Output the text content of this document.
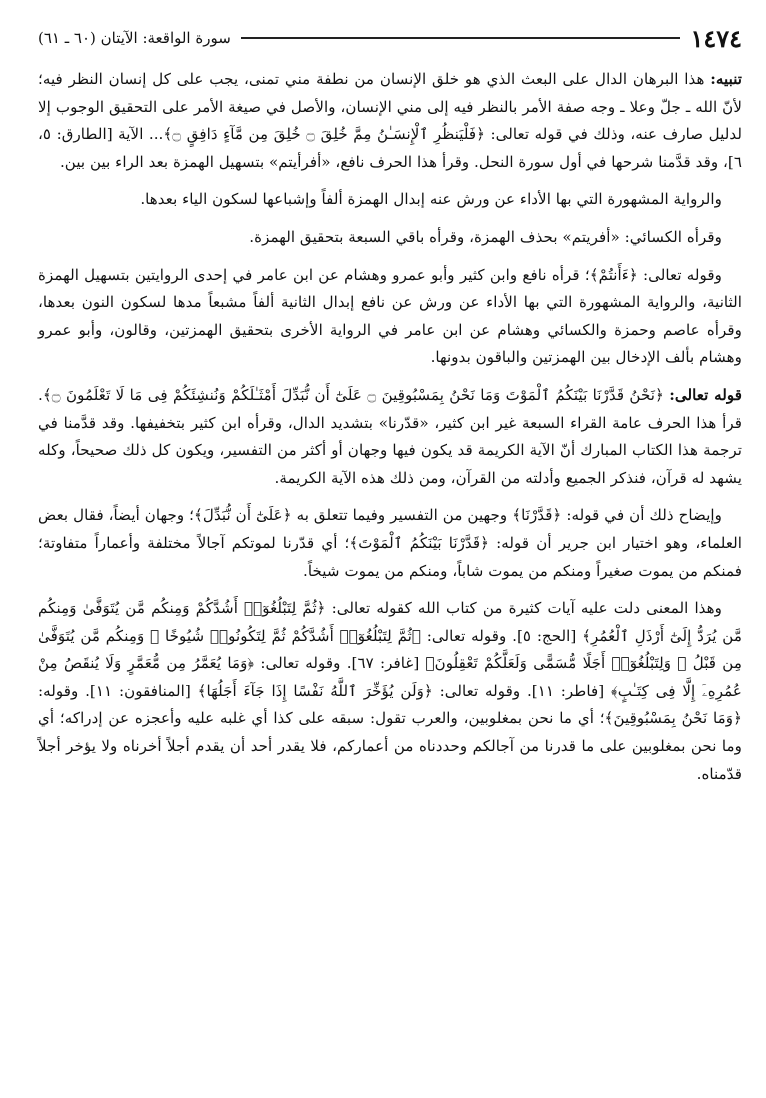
سورة الواقعة: الآيتان (٦٠ ـ ٦١)	١٤٧٤

تنبيه: هذا البرهان الدال على البعث الذي هو خلق الإنسان من نطفة مني تمنى، يجب على كل إنسان النظر فيه؛ لأنّ الله ـ جلّ وعلا ـ وجه صفة الأمر بالنظر فيه إلى مني الإنسان، والأصل في صيغة الأمر على التحقيق الوجوب إلا لدليل صارف عنه، وذلك في قوله تعالى: ﴿فَلْيَنظُرِ ٱلْإِنسَـٰنُ مِمَّ خُلِقَ ۝ خُلِقَ مِن مَّآءٍ دَافِقٍ ۝﴾... الآية [الطارق: ٥، ٦]، وقد قدَّمنا شرحها في أول سورة النحل. وقرأ هذا الحرف نافع، «أفرأيتم» بتسهيل الهمزة بعد الراء بين بين.

والرواية المشهورة التي بها الأداء عن ورش عنه إبدال الهمزة ألفاً وإشباعها لسكون الياء بعدها.

وقرأه الكسائي: «أفريتم» بحذف الهمزة، وقرأه باقي السبعة بتحقيق الهمزة.

وقوله تعالى: ﴿ءَأَنتُمْ﴾؛ قرأه نافع وابن كثير وأبو عمرو وهشام عن ابن عامر في إحدى الروايتين بتسهيل الهمزة الثانية، والرواية المشهورة التي بها الأداء عن ورش عن نافع إبدال الثانية ألفاً مشبعاً مدها لسكون النون بعدها، وقرأه عاصم وحمزة والكسائي وهشام عن ابن عامر في الرواية الأخرى بتحقيق الهمزتين، وقالون، وأبو عمرو وهشام بألف الإدخال بين الهمزتين والباقون بدونها.

قوله تعالى: ﴿نَحْنُ قَدَّرْنَا بَيْنَكُمُ ٱلْمَوْتَ وَمَا نَحْنُ بِمَسْبُوقِينَ ۝ عَلَىٰٓ أَن نُّبَدِّلَ أَمْثَـٰلَكُمْ وَنُنشِئَكُمْ فِى مَا لَا تَعْلَمُونَ ۝﴾. قرأ هذا الحرف عامة القراء السبعة غير ابن كثير، «قدّرنا» بتشديد الدال، وقرأه ابن كثير بتخفيفها. وقد قدَّمنا في ترجمة هذا الكتاب المبارك أنّ الآية الكريمة قد يكون فيها وجهان أو أكثر من التفسير، ويكون كل ذلك صحيحاً، وكله يشهد له قرآن، فنذكر الجميع وأدلته من القرآن، ومن ذلك هذه الآية الكريمة.

وإيضاح ذلك أن في قوله: ﴿قَدَّرْنَا﴾ وجهين من التفسير وفيما تتعلق به ﴿عَلَىٰٓ أَن نُّبَدِّلَ﴾؛ وجهان أيضاً، فقال بعض العلماء، وهو اختيار ابن جرير أن قوله: ﴿قَدَّرْنَا بَيْنَكُمُ ٱلْمَوْتَ﴾؛ أي قدّرنا لموتكم آجالاً مختلفة وأعماراً متفاوتة؛ فمنكم من يموت صغيراً ومنكم من يموت شاباً، ومنكم من يموت شيخاً.

وهذا المعنى دلت عليه آيات كثيرة من كتاب الله كقوله تعالى: ﴿ثُمَّ لِتَبْلُغُوٓا۟ أَشُدَّكُمْ وَمِنكُم مَّن يُتَوَفَّىٰ وَمِنكُم مَّن يُرَدُّ إِلَىٰٓ أَرْذَلِ ٱلْعُمُرِ﴾ [الحج: ٥]. وقوله تعالى: ﴿ثُمَّ لِتَبْلُغُوٓا۟ أَشُدَّكُمْ ثُمَّ لِتَكُونُوا۟ شُيُوخًا ۚ وَمِنكُم مَّن يُتَوَفَّىٰ مِن قَبْلُ ۖ وَلِتَبْلُغُوٓا۟ أَجَلًا مُّسَمًّى وَلَعَلَّكُمْ تَعْقِلُونَ﴾ [غافر: ٦٧]. وقوله تعالى: ﴿وَمَا يُعَمَّرُ مِن مُّعَمَّرٍ وَلَا يُنقَصُ مِنْ عُمُرِهِۦٓ إِلَّا فِى كِتَـٰبٍ﴾ [فاطر: ١١]. وقوله تعالى: ﴿وَلَن يُؤَخِّرَ ٱللَّهُ نَفْسًا إِذَا جَآءَ أَجَلُهَا﴾ [المنافقون: ١١]. وقوله: ﴿وَمَا نَحْنُ بِمَسْبُوقِينَ﴾؛ أي ما نحن بمغلوبين، والعرب تقول: سبقه على كذا أي غلبه عليه وأعجزه عن إدراكه؛ أي وما نحن بمغلوبين على ما قدرنا من آجالكم وحددناه من أعماركم، فلا يقدر أحد أن يقدم أجلاً أخرناه ولا يؤخر أجلاً قدّمناه.
